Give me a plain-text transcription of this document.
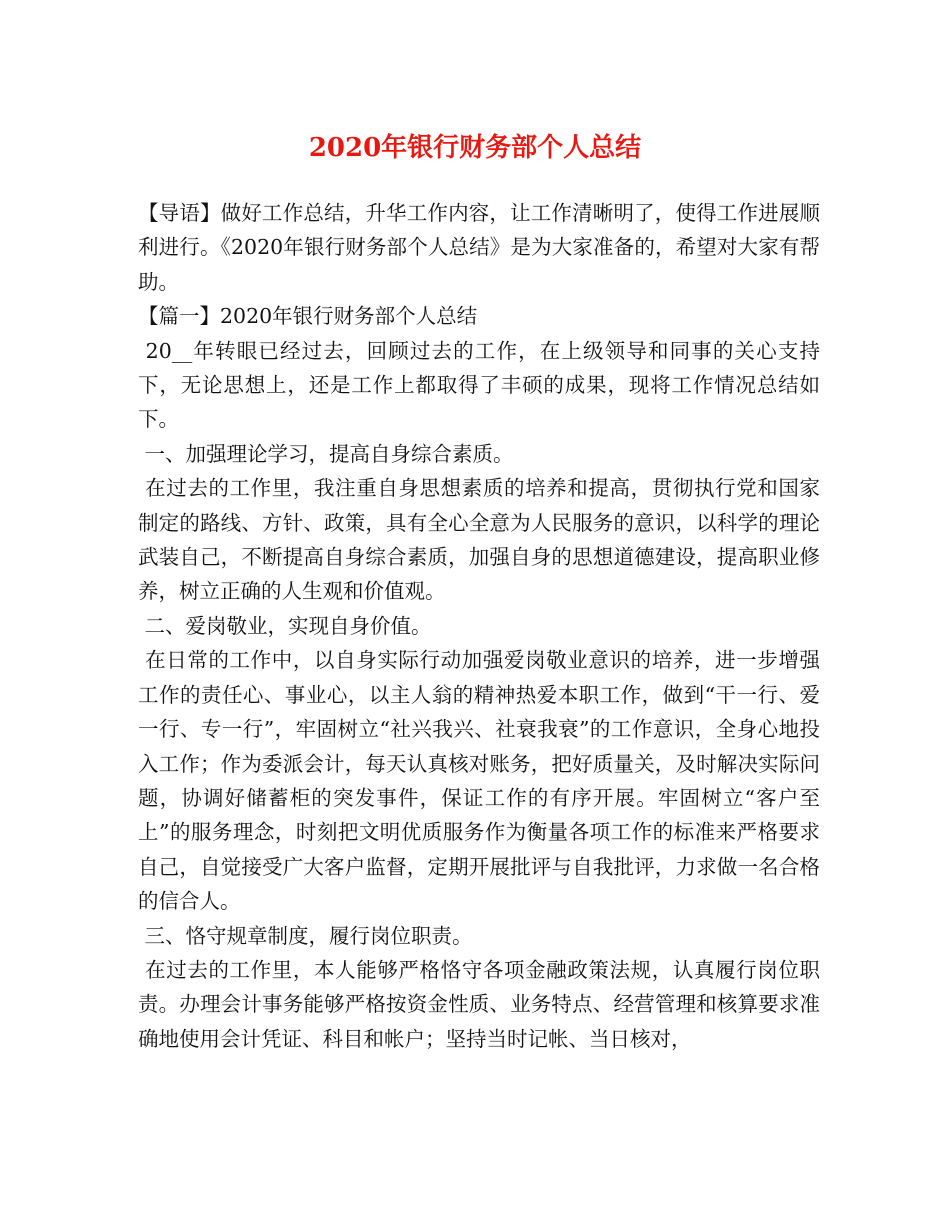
2020年银行财务部个人总结

【导语】做好工作总结，升华工作内容，让工作清晰明了，使得工作进展顺利进行。《2020年银行财务部个人总结》是为大家准备的，希望对大家有帮助。

【篇一】2020年银行财务部个人总结

20__年转眼已经过去，回顾过去的工作，在上级领导和同事的关心支持下，无论思想上，还是工作上都取得了丰硕的成果，现将工作情况总结如下。

一、加强理论学习，提高自身综合素质。

在过去的工作里，我注重自身思想素质的培养和提高，贯彻执行党和国家制定的路线、方针、政策，具有全心全意为人民服务的意识，以科学的理论武装自己，不断提高自身综合素质，加强自身的思想道德建设，提高职业修养，树立正确的人生观和价值观。

二、爱岗敬业，实现自身价值。

在日常的工作中，以自身实际行动加强爱岗敬业意识的培养，进一步增强工作的责任心、事业心，以主人翁的精神热爱本职工作，做到“干一行、爱一行、专一行”，牢固树立“社兴我兴、社衰我衰”的工作意识，全身心地投入工作；作为委派会计，每天认真核对账务，把好质量关，及时解决实际问题，协调好储蓄柜的突发事件，保证工作的有序开展。牢固树立“客户至上”的服务理念，时刻把文明优质服务作为衡量各项工作的标准来严格要求自己，自觉接受广大客户监督，定期开展批评与自我批评，力求做一名合格的信合人。

三、恪守规章制度，履行岗位职责。

在过去的工作里，本人能够严格恪守各项金融政策法规，认真履行岗位职责。办理会计事务能够严格按资金性质、业务特点、经营管理和核算要求准确地使用会计凭证、科目和帐户；坚持当时记帐、当日核对，
